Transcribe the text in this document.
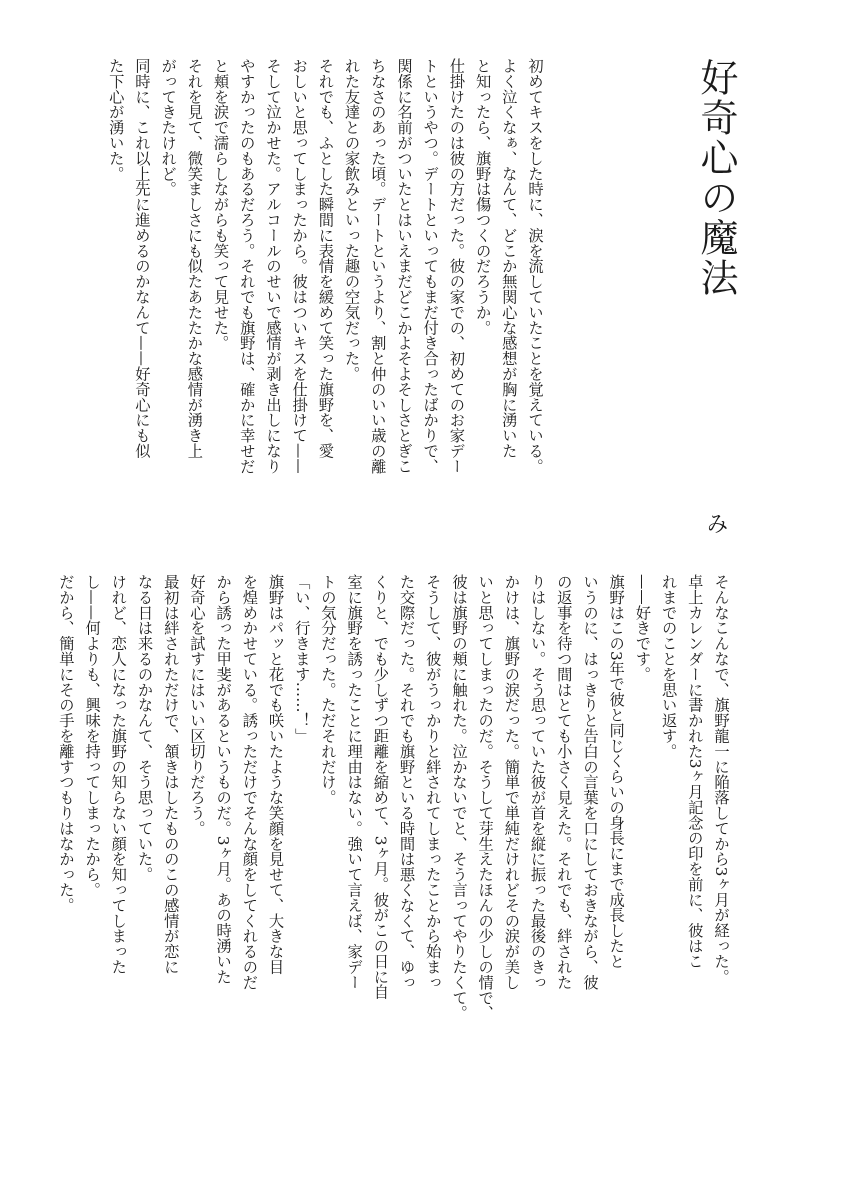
好奇心の魔法
み
初めてキスをした時に、涙を流していたことを覚えている。
よく泣くなぁ、なんて、どこか無関心な感想が胸に湧いた
と知ったら、旗野は傷つくのだろうか。
仕掛けたのは彼の方だった。彼の家での、初めてのお家デー
トというやつ。デートといってもまだ付き合ったばかりで、
関係に名前がついたとはいえまだどこかよそよそしさとぎこ
ちなさのあった頃。デートというより、割と仲のいい歳の離
れた友達との家飲みといった趣の空気だった。
それでも、ふとした瞬間に表情を緩めて笑った旗野を、愛
おしいと思ってしまったから。彼はついキスを仕掛けて——
そして泣かせた。アルコールのせいで感情が剥き出しになり
やすかったのもあるだろう。それでも旗野は、確かに幸せだ
と頬を涙で濡らしながらも笑って見せた。
それを見て、微笑ましさにも似たあたたかな感情が湧き上
がってきたけれど。
同時に、これ以上先に進めるのかなんて——好奇心にも似
た下心が湧いた。
そんなこんなで、旗野龍一に陥落してから3ヶ月が経った。
卓上カレンダーに書かれた3ヶ月記念の印を前に、彼はこ
れまでのことを思い返す。
——好きです。
旗野はこの3年で彼と同じくらいの身長にまで成長したと
いうのに、はっきりと告白の言葉を口にしておきながら、彼
の返事を待つ間はとても小さく見えた。それでも、絆された
りはしない。そう思っていた彼が首を縦に振った最後のきっ
かけは、旗野の涙だった。簡単で単純だけれどその涙が美し
いと思ってしまったのだ。そうして芽生えたほんの少しの情で、
彼は旗野の頬に触れた。泣かないでと、そう言ってやりたくて。
そうして、彼がうっかりと絆されてしまったことから始まっ
た交際だった。それでも旗野といる時間は悪くなくて、ゆっ
くりと、でも少しずつ距離を縮めて、3ヶ月。彼がこの日に自
室に旗野を誘ったことに理由はない。強いて言えば、家デー
トの気分だった。ただそれだけ。
「い、行きます……！」
旗野はパッと花でも咲いたような笑顔を見せて、大きな目
を煌めかせている。誘っただけでそんな顔をしてくれるのだ
から誘った甲斐があるというものだ。3ヶ月。あの時湧いた
好奇心を試すにはいい区切りだろう。
最初は絆されただけで、頷きはしたもののこの感情が恋に
なる日は来るのかなんて、そう思っていた。
けれど、恋人になった旗野の知らない顔を知ってしまった
し——何よりも、興味を持ってしまったから。
だから、簡単にその手を離すつもりはなかった。
